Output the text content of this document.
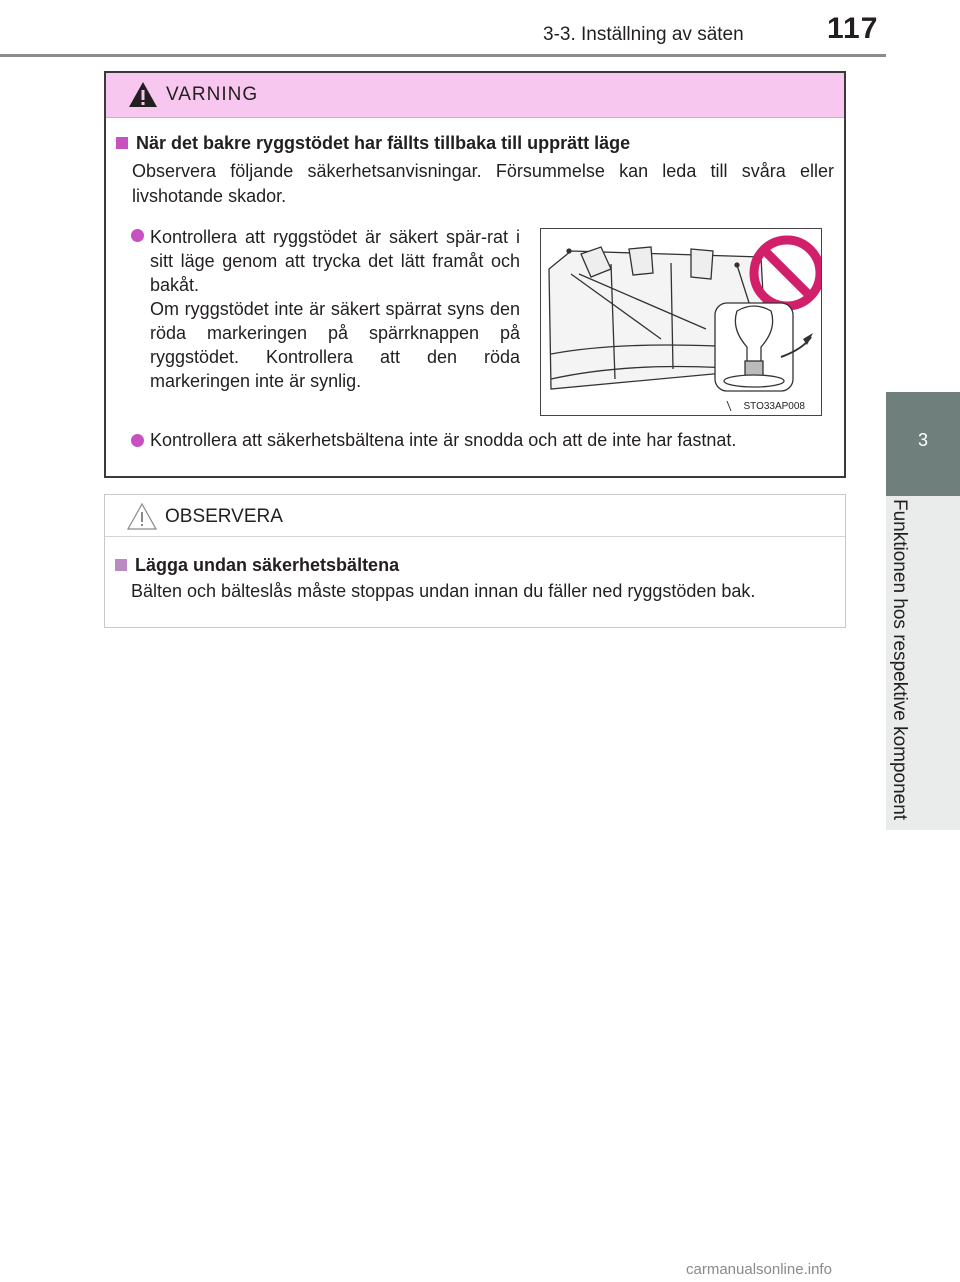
3-3. Inställning av säten	117
3
Funktionen hos respektive komponent
VARNING
När det bakre ryggstödet har fällts tillbaka till upprätt läge
Observera följande säkerhetsanvisningar. Försummelse kan leda till svåra eller livshotande skador.
Kontrollera att ryggstödet är säkert spär-rat i sitt läge genom att trycka det lätt framåt och bakåt.
Om ryggstödet inte är säkert spärrat syns den röda markeringen på spärrknappen på ryggstödet. Kontrollera att den röda markeringen inte är synlig.
STO33AP008
Kontrollera att säkerhetsbältena inte är snodda och att de inte har fastnat.
OBSERVERA
Lägga undan säkerhetsbältena
Bälten och bälteslås måste stoppas undan innan du fäller ned ryggstöden bak.
carmanualsonline.info
